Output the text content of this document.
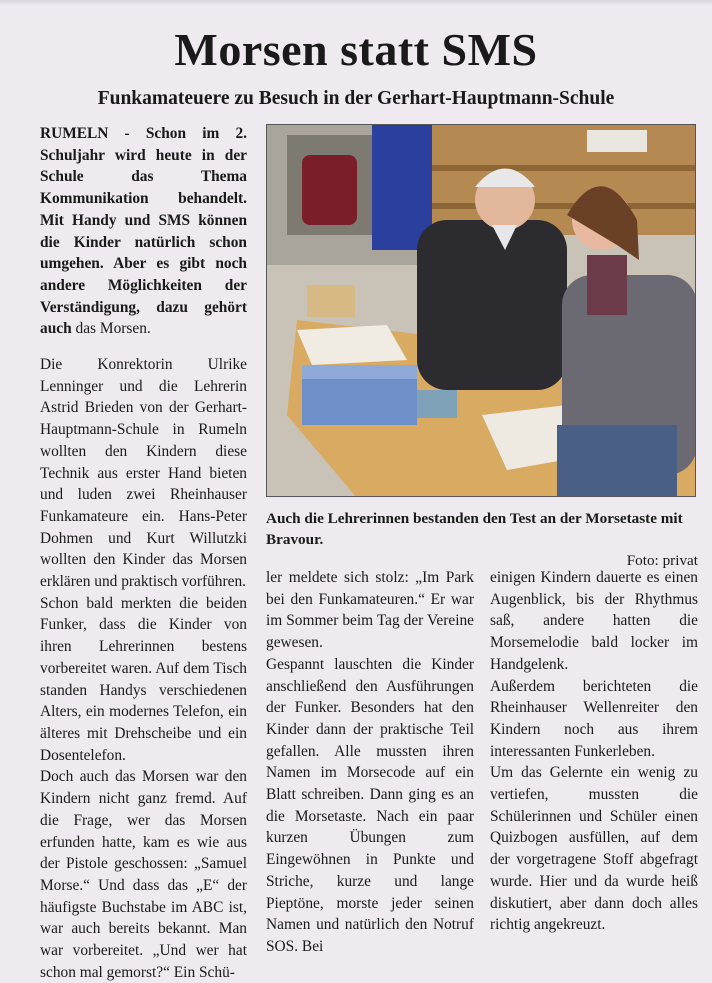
Morsen statt SMS
Funkamateuere zu Besuch in der Gerhart-Hauptmann-Schule

RUMELN - Schon im 2. Schuljahr wird heute in der Schule das Thema Kommunikation behandelt. Mit Handy und SMS können die Kinder natürlich schon umgehen. Aber es gibt noch andere Möglichkeiten der Verständigung, dazu gehört auch das Morsen.

Die Konrektorin Ulrike Lenninger und die Lehrerin Astrid Brieden von der Gerhart-Hauptmann-Schule in Rumeln wollten den Kindern diese Technik aus erster Hand bieten und luden zwei Rheinhauser Funkamateure ein. Hans-Peter Dohmen und Kurt Willutzki wollten den Kinder das Morsen erklären und praktisch vorführen.

Schon bald merkten die beiden Funker, dass die Kinder von ihren Lehrerinnen bestens vorbereitet waren. Auf dem Tisch standen Handys verschiedenen Alters, ein modernes Telefon, ein älteres mit Drehscheibe und ein Dosentelefon.

Doch auch das Morsen war den Kindern nicht ganz fremd. Auf die Frage, wer das Morsen erfunden hatte, kam es wie aus der Pistole geschossen: „Samuel Morse.“ Und dass das „E“ der häufigste Buchstabe im ABC ist, war auch bereits bekannt. Man war vorbereitet. „Und wer hat schon mal gemorst?“ Ein Schü-

Auch die Lehrerinnen bestanden den Test an der Morsetaste mit Bravour.
Foto: privat

ler meldete sich stolz: „Im Park bei den Funkamateuren.“ Er war im Sommer beim Tag der Vereine gewesen.

Gespannt lauschten die Kinder anschließend den Ausführungen der Funker. Besonders hat den Kinder dann der praktische Teil gefallen. Alle mussten ihren Namen im Morsecode auf ein Blatt schreiben. Dann ging es an die Morsetaste. Nach ein paar kurzen Übungen zum Eingewöhnen in Punkte und Striche, kurze und lange Pieptöne, morste jeder seinen Namen und natürlich den Notruf SOS. Bei

einigen Kindern dauerte es einen Augenblick, bis der Rhythmus saß, andere hatten die Morsemelodie bald locker im Handgelenk.

Außerdem berichteten die Rheinhauser Wellenreiter den Kindern noch aus ihrem interessanten Funkerleben.

Um das Gelernte ein wenig zu vertiefen, mussten die Schülerinnen und Schüler einen Quizbogen ausfüllen, auf dem der vorgetragene Stoff abgefragt wurde. Hier und da wurde heiß diskutiert, aber dann doch alles richtig angekreuzt.
